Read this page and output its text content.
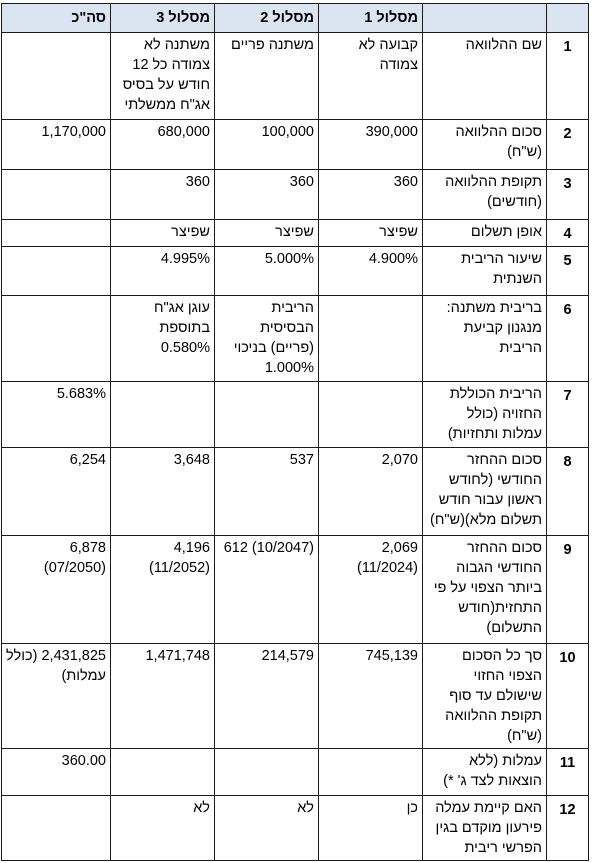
		מסלול 1	מסלול 2	מסלול 3	סה"כ
1	שם ההלוואה	קבועה לא צמודה	משתנה פריים	משתנה לא צמודה כל 12 חודש על בסיס אג"ח ממשלתי	
2	סכום ההלוואה (ש"ח)	390,000	100,000	680,000	1,170,000
3	תקופת ההלוואה (חודשים)	360	360	360	
4	אופן תשלום	שפיצר	שפיצר	שפיצר	
5	שיעור הריבית השנתית	4.900%	5.000%	4.995%	
6	בריבית משתנה: מנגנון קביעת הריבית		הריבית הבסיסית (פריים) בניכוי 1.000%	עוגן אג"ח בתוספת 0.580%	
7	הריבית הכוללת החזויה (כולל עמלות ותחזיות)				5.683%
8	סכום ההחזר החודשי (לחודש ראשון עבור חודש תשלום מלא)(ש"ח)	2,070	537	3,648	6,254
9	סכום ההחזר החודשי הגבוה ביותר הצפוי על פי התחזית(חודש התשלום)	2,069 (11/2024)	612 (10/2047)	4,196 (11/2052)	6,878 (07/2050)
10	סך כל הסכום הצפוי החזוי שישולם עד סוף תקופת ההלוואה (ש"ח)	745,139	214,579	1,471,748	2,431,825 (כולל עמלות)
11	עמלות (ללא הוצאות לצד ג' *)				360.00
12	האם קיימת עמלה פירעון מוקדם בגין הפרשי ריבית	כן	לא	לא	
